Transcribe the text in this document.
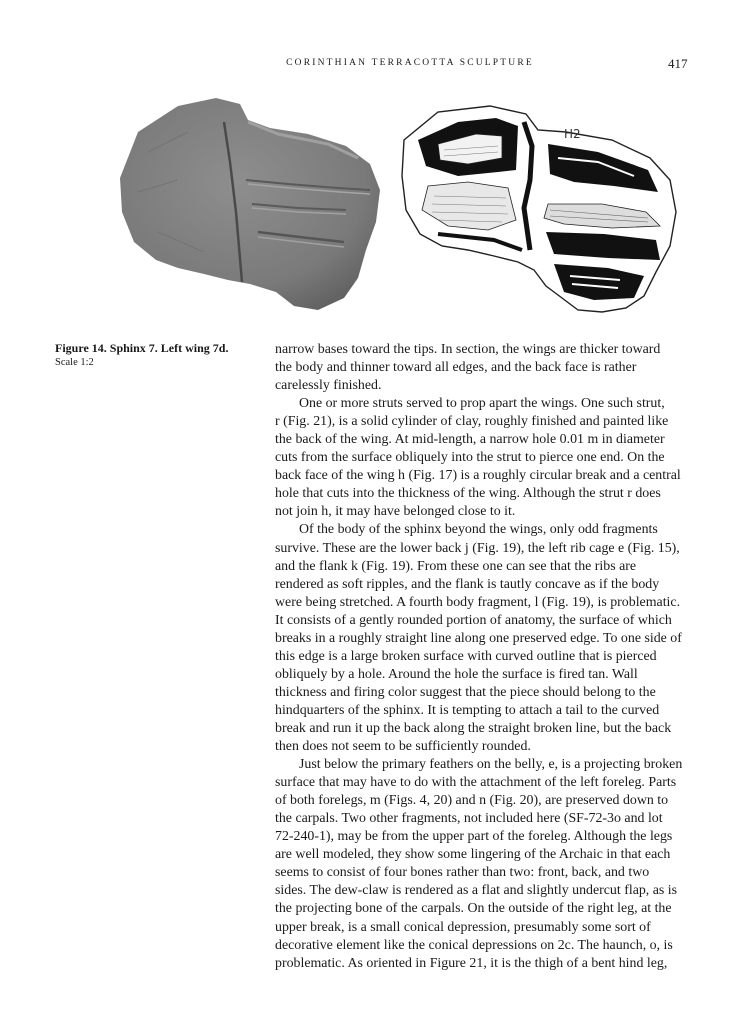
CORINTHIAN TERRACOTTA SCULPTURE	417
H2
Figure 14. Sphinx 7. Left wing 7d.
Scale 1:2

narrow bases toward the tips. In section, the wings are thicker toward

the body and thinner toward all edges, and the back face is rather

carelessly finished.

One or more struts served to prop apart the wings. One such strut,

r (Fig. 21), is a solid cylinder of clay, roughly finished and painted like

the back of the wing. At mid-length, a narrow hole 0.01 m in diameter

cuts from the surface obliquely into the strut to pierce one end. On the

back face of the wing h (Fig. 17) is a roughly circular break and a central

hole that cuts into the thickness of the wing. Although the strut r does

not join h, it may have belonged close to it.

Of the body of the sphinx beyond the wings, only odd fragments

survive. These are the lower back j (Fig. 19), the left rib cage e (Fig. 15),

and the flank k (Fig. 19). From these one can see that the ribs are

rendered as soft ripples, and the flank is tautly concave as if the body

were being stretched. A fourth body fragment, l (Fig. 19), is problematic.

It consists of a gently rounded portion of anatomy, the surface of which

breaks in a roughly straight line along one preserved edge. To one side of

this edge is a large broken surface with curved outline that is pierced

obliquely by a hole. Around the hole the surface is fired tan. Wall

thickness and firing color suggest that the piece should belong to the

hindquarters of the sphinx. It is tempting to attach a tail to the curved

break and run it up the back along the straight broken line, but the back

then does not seem to be sufficiently rounded.

Just below the primary feathers on the belly, e, is a projecting broken

surface that may have to do with the attachment of the left foreleg. Parts

of both forelegs, m (Figs. 4, 20) and n (Fig. 20), are preserved down to

the carpals. Two other fragments, not included here (SF-72-3o and lot

72-240-1), may be from the upper part of the foreleg. Although the legs

are well modeled, they show some lingering of the Archaic in that each

seems to consist of four bones rather than two: front, back, and two

sides. The dew-claw is rendered as a flat and slightly undercut flap, as is

the projecting bone of the carpals. On the outside of the right leg, at the

upper break, is a small conical depression, presumably some sort of

decorative element like the conical depressions on 2c. The haunch, o, is

problematic. As oriented in Figure 21, it is the thigh of a bent hind leg,
